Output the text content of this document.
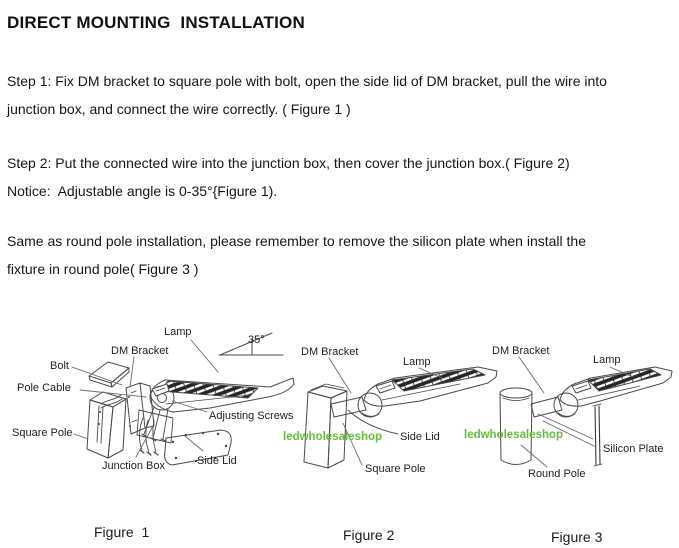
DIRECT MOUNTING  INSTALLATION

Step 1: Fix DM bracket to square pole with bolt, open the side lid of DM bracket, pull the wire into
junction box, and connect the wire correctly. ( Figure 1 )

Step 2: Put the connected wire into the junction box, then cover the junction box.( Figure 2)
Notice:  Adjustable angle is 0-35°{Figure 1).

Same as round pole installation, please remember to remove the silicon plate when install the
fixture in round pole( Figure 3 )

Lamp
DM Bracket
35°
Bolt
Pole Cable
Square Pole
Junction Box	Side Lid
Adjusting Screws
DM Bracket
Lamp
Side Lid
Square Pole
ledwholesaleshop
DM Bracket
Lamp
Silicon Plate
Round Pole
ledwholesaleshop
Figure  1	Figure 2	Figure 3
